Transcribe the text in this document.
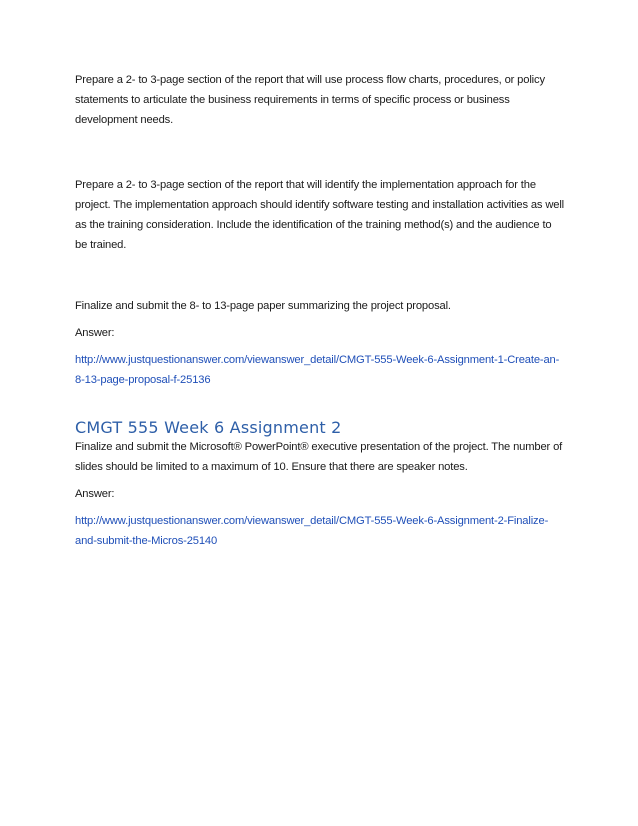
Prepare a 2- to 3-page section of the report that will use process flow charts, procedures, or policy statements to articulate the business requirements in terms of specific process or business development needs.

Prepare a 2- to 3-page section of the report that will identify the implementation approach for the project. The implementation approach should identify software testing and installation activities as well as the training consideration. Include the identification of the training method(s) and the audience to be trained.

Finalize and submit the 8- to 13-page paper summarizing the project proposal.

Answer:

http://www.justquestionanswer.com/viewanswer_detail/CMGT-555-Week-6-Assignment-1-Create-an-8-13-page-proposal-f-25136

CMGT 555 Week 6 Assignment 2

Finalize and submit the Microsoft® PowerPoint® executive presentation of the project. The number of slides should be limited to a maximum of 10. Ensure that there are speaker notes.

Answer:

http://www.justquestionanswer.com/viewanswer_detail/CMGT-555-Week-6-Assignment-2-Finalize-and-submit-the-Micros-25140
